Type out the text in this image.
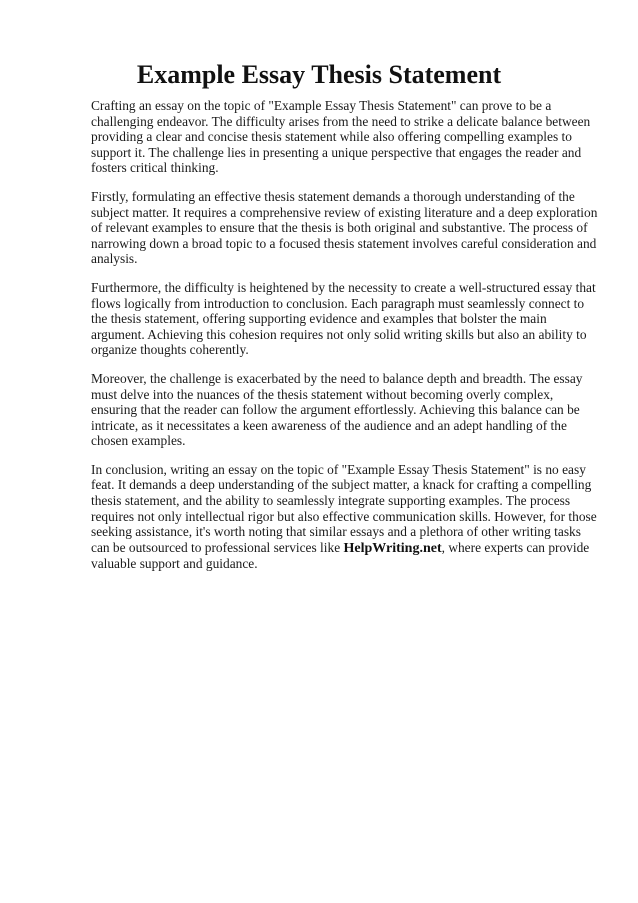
Example Essay Thesis Statement

Crafting an essay on the topic of "Example Essay Thesis Statement" can prove to be a challenging endeavor. The difficulty arises from the need to strike a delicate balance between providing a clear and concise thesis statement while also offering compelling examples to support it. The challenge lies in presenting a unique perspective that engages the reader and fosters critical thinking.

Firstly, formulating an effective thesis statement demands a thorough understanding of the subject matter. It requires a comprehensive review of existing literature and a deep exploration of relevant examples to ensure that the thesis is both original and substantive. The process of narrowing down a broad topic to a focused thesis statement involves careful consideration and analysis.

Furthermore, the difficulty is heightened by the necessity to create a well-structured essay that flows logically from introduction to conclusion. Each paragraph must seamlessly connect to the thesis statement, offering supporting evidence and examples that bolster the main argument. Achieving this cohesion requires not only solid writing skills but also an ability to organize thoughts coherently.

Moreover, the challenge is exacerbated by the need to balance depth and breadth. The essay must delve into the nuances of the thesis statement without becoming overly complex, ensuring that the reader can follow the argument effortlessly. Achieving this balance can be intricate, as it necessitates a keen awareness of the audience and an adept handling of the chosen examples.

In conclusion, writing an essay on the topic of "Example Essay Thesis Statement" is no easy feat. It demands a deep understanding of the subject matter, a knack for crafting a compelling thesis statement, and the ability to seamlessly integrate supporting examples. The process requires not only intellectual rigor but also effective communication skills. However, for those seeking assistance, it's worth noting that similar essays and a plethora of other writing tasks can be outsourced to professional services like HelpWriting.net, where experts can provide valuable support and guidance.
